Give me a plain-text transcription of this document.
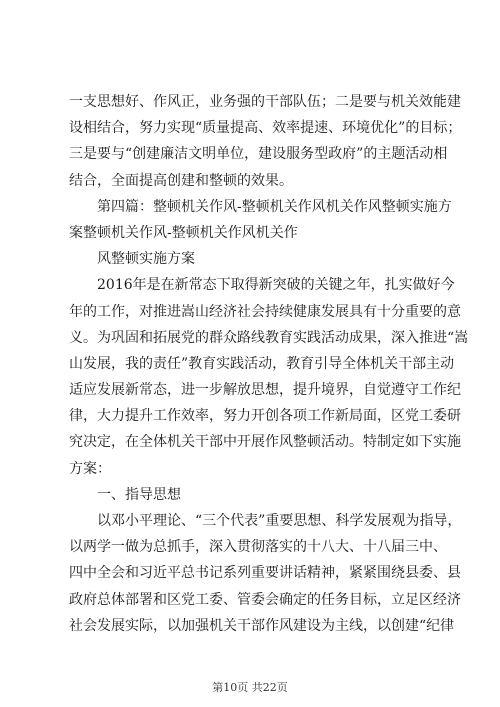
一支思想好、作风正，业务强的干部队伍；二是要与机关效能建
设相结合，努力实现“质量提高、效率提速、环境优化”的目标；
三是要与“创建廉洁文明单位，建设服务型政府”的主题活动相
结合，全面提高创建和整顿的效果。
第四篇：整顿机关作风-整顿机关作风机关作风整顿实施方
案整顿机关作风-整顿机关作风机关作
风整顿实施方案
2016年是在新常态下取得新突破的关键之年，扎实做好今
年的工作，对推进嵩山经济社会持续健康发展具有十分重要的意
义。为巩固和拓展党的群众路线教育实践活动成果，深入推进“嵩
山发展，我的责任”教育实践活动，教育引导全体机关干部主动
适应发展新常态，进一步解放思想，提升境界，自觉遵守工作纪
律，大力提升工作效率，努力开创各项工作新局面，区党工委研
究决定，在全体机关干部中开展作风整顿活动。特制定如下实施
方案：
一、指导思想
以邓小平理论、“三个代表”重要思想、科学发展观为指导，
以两学一做为总抓手，深入贯彻落实的十八大、十八届三中、
四中全会和习近平总书记系列重要讲话精神，紧紧围绕县委、县
政府总体部署和区党工委、管委会确定的任务目标，立足区经济
社会发展实际，以加强机关干部作风建设为主线，以创建“纪律
第10页 共22页
